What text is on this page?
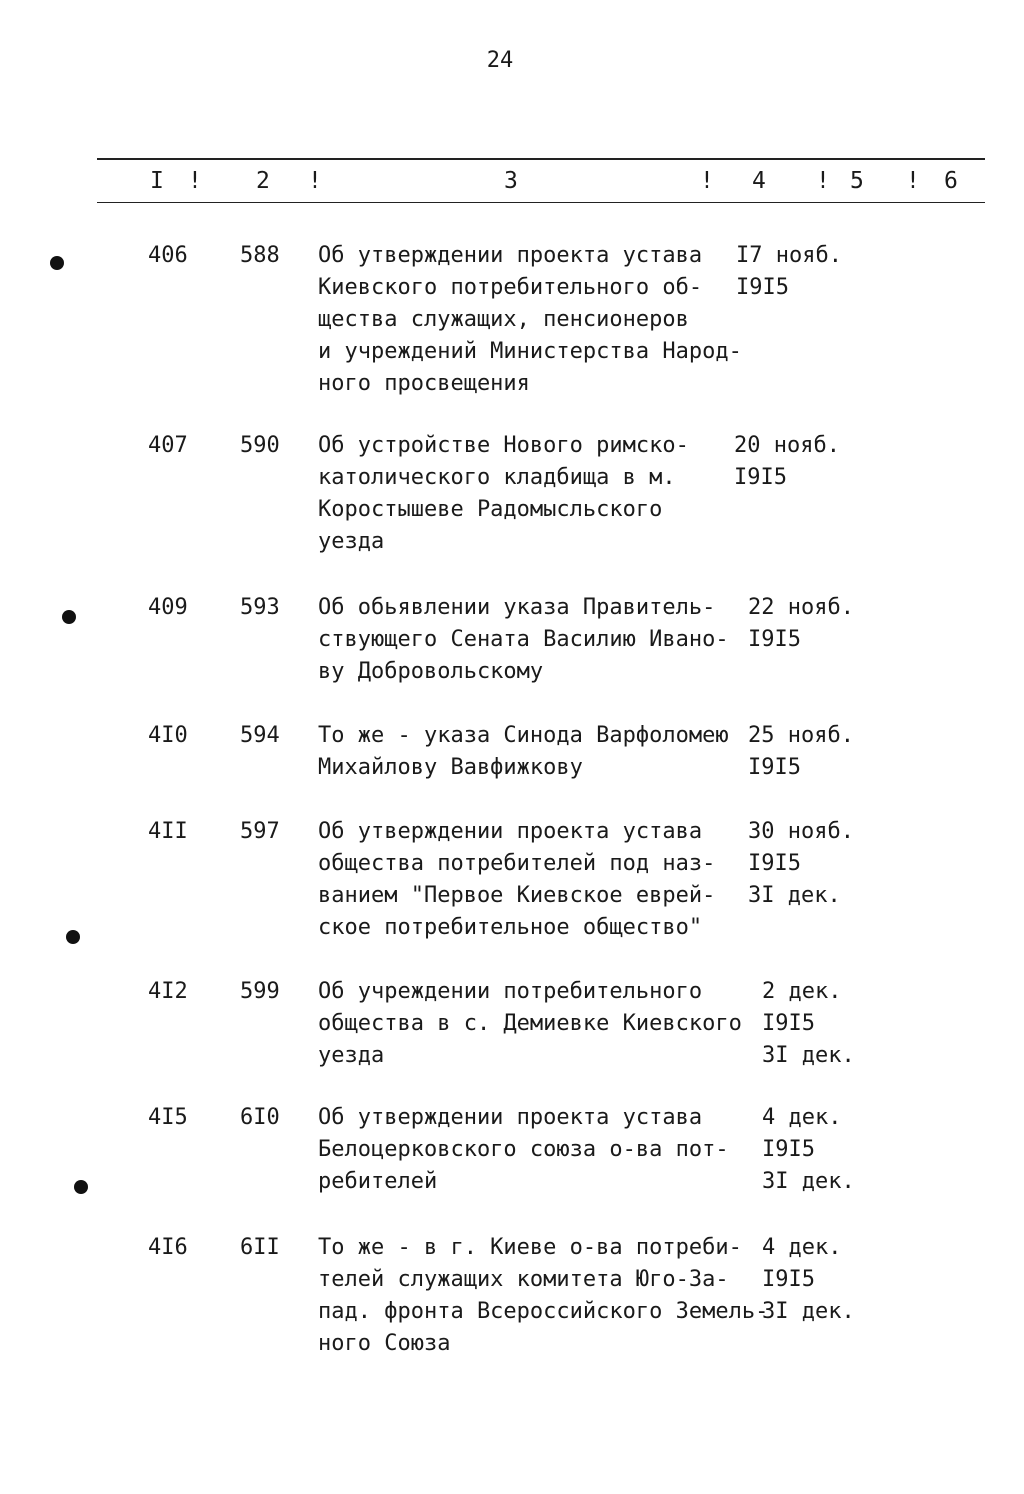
24
I ! 2 !	3	! 4 ! 5 ! 6
406 588 Об утверждении проекта устава
Киевского потребительного об-
щества служащих, пенсионеров
и учреждений Министерства Народ-
ного просвещения
I7 нояб.
I9I5
407 590 Об устройстве Нового римско-
католического кладбища в м.
Коростышеве Радомысльского
уезда
20 нояб.
I9I5
409 593 Об обьявлении указа Правитель-
ствующего Сената Василию Ивано-
ву Добровольскому
22 нояб.
I9I5
4I0 594 То же - указа Синода Варфоломею
Михайлову Вавфижкову
25 нояб.
I9I5
4II 597 Об утверждении проекта устава
общества потребителей под наз-
ванием "Первое Киевское еврей-
ское потребительное общество"
30 нояб.
I9I5
3I дек.
4I2 599 Об учреждении потребительного
общества в с. Демиевке Киевского
уезда
2 дек.
I9I5
3I дек.
4I5 6I0 Об утверждении проекта устава
Белоцерковского союза о-ва пот-
ребителей
4 дек.
I9I5
3I дек.
4I6 6II То же - в г. Киеве о-ва потреби-
телей служащих комитета Юго-За-
пад. фронта Всероссийского Земель-
ного Союза
4 дек.
I9I5
3I дек.
